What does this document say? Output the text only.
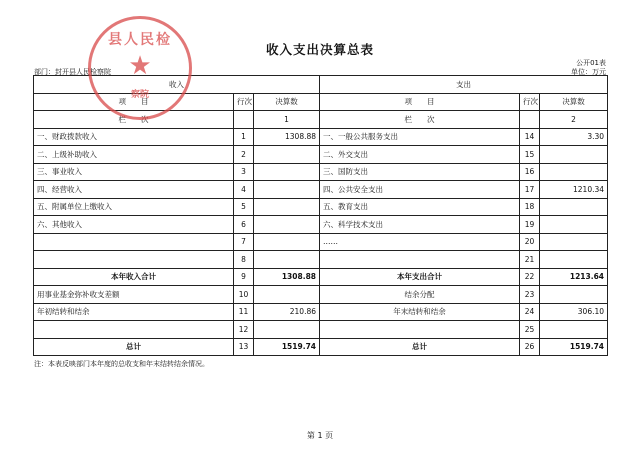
收入支出决算总表
公开01表
部门：封开县人民检察院	单位：万元
收入			支出		
项　　目	行次	决算数	项　　目	行次	决算数
栏　　次		1	栏　　次		2
一、财政拨款收入	1	1308.88	一、一般公共服务支出	14	3.30
二、上级补助收入	2		二、外交支出	15	
三、事业收入	3		三、国防支出	16	
四、经营收入	4		四、公共安全支出	17	1210.34
五、附属单位上缴收入	5		五、教育支出	18	
六、其他收入	6		六、科学技术支出	19	
	7		……	20	
	8			21	
本年收入合计	9	1308.88	本年支出合计	22	1213.64
用事业基金弥补收支差额	10		结余分配	23	
年初结转和结余	11	210.86	年末结转和结余	24	306.10
	12			25	
总计	13	1519.74	总计	26	1519.74
注：本表反映部门本年度的总收支和年末结转结余情况。
第 1 页
县人民检
★
察院
